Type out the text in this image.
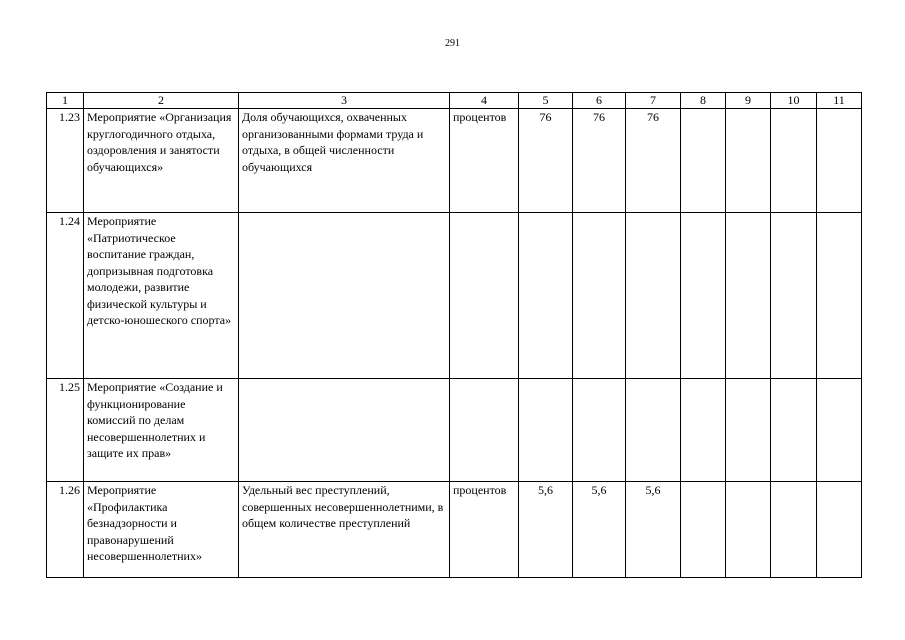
291
1	2	3	4	5	6	7	8	9	10	11
1.23	Мероприятие «Организация круглогодичного отдыха, оздоровления и занятости обучающихся»	Доля обучающихся, охваченных организованными формами труда и отдыха, в общей численности обучающихся	процентов	76	76	76				
1.24	Мероприятие «Патриотическое воспитание граждан, допризывная подготовка молодежи, развитие физической культуры и детско-юношеского спорта»									
1.25	Мероприятие «Создание и функционирование комиссий по делам несовершеннолетних и защите их прав»									
1.26	Мероприятие «Профилактика безнадзорности и правонарушений несовершеннолетних»	Удельный вес преступлений, совершенных несовершеннолетними, в общем количестве преступлений	процентов	5,6	5,6	5,6				
